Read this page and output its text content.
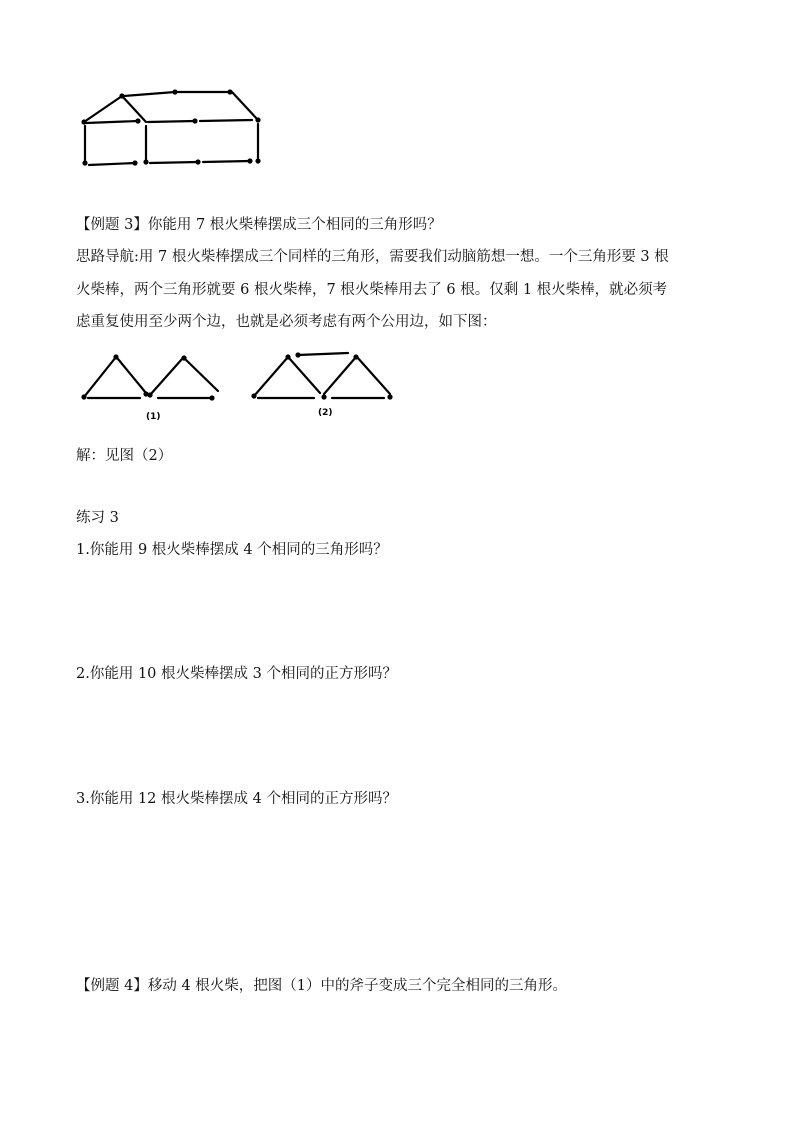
【例题 3】你能用 7 根火柴棒摆成三个相同的三角形吗？
思路导航:用 7 根火柴棒摆成三个同样的三角形，需要我们动脑筋想一想。一个三角形要 3 根
火柴棒，两个三角形就要 6 根火柴棒，7 根火柴棒用去了 6 根。仅剩 1 根火柴棒，就必须考
虑重复使用至少两个边，也就是必须考虑有两个公用边，如下图：
(1)	(2)
解：见图（2）
练习 3
1.你能用 9 根火柴棒摆成 4 个相同的三角形吗？
2.你能用 10 根火柴棒摆成 3 个相同的正方形吗？
3.你能用 12 根火柴棒摆成 4 个相同的正方形吗？
【例题 4】移动 4 根火柴，把图（1）中的斧子变成三个完全相同的三角形。
